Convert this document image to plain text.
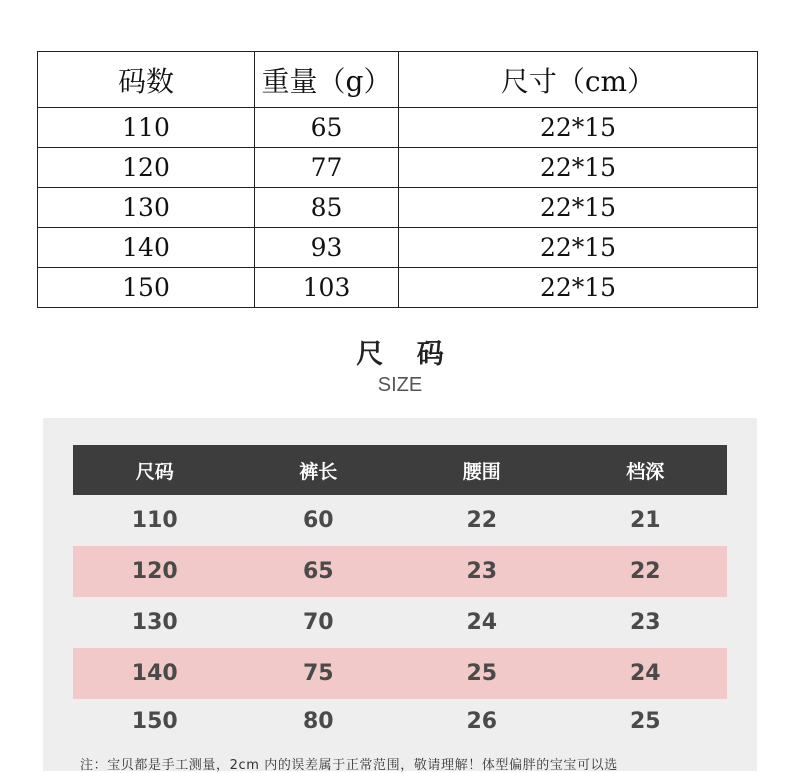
码数	重量（g）	尺寸（cm）
110	65	22*15
120	77	22*15
130	85	22*15
140	93	22*15
150	103	22*15
尺 码
SIZE
尺码	裤长	腰围	档深
110	60	22	21
120	65	23	22
130	70	24	23
140	75	25	24
150	80	26	25
注：宝贝都是手工测量，2cm 内的误差属于正常范围，敬请理解！体型偏胖的宝宝可以选
